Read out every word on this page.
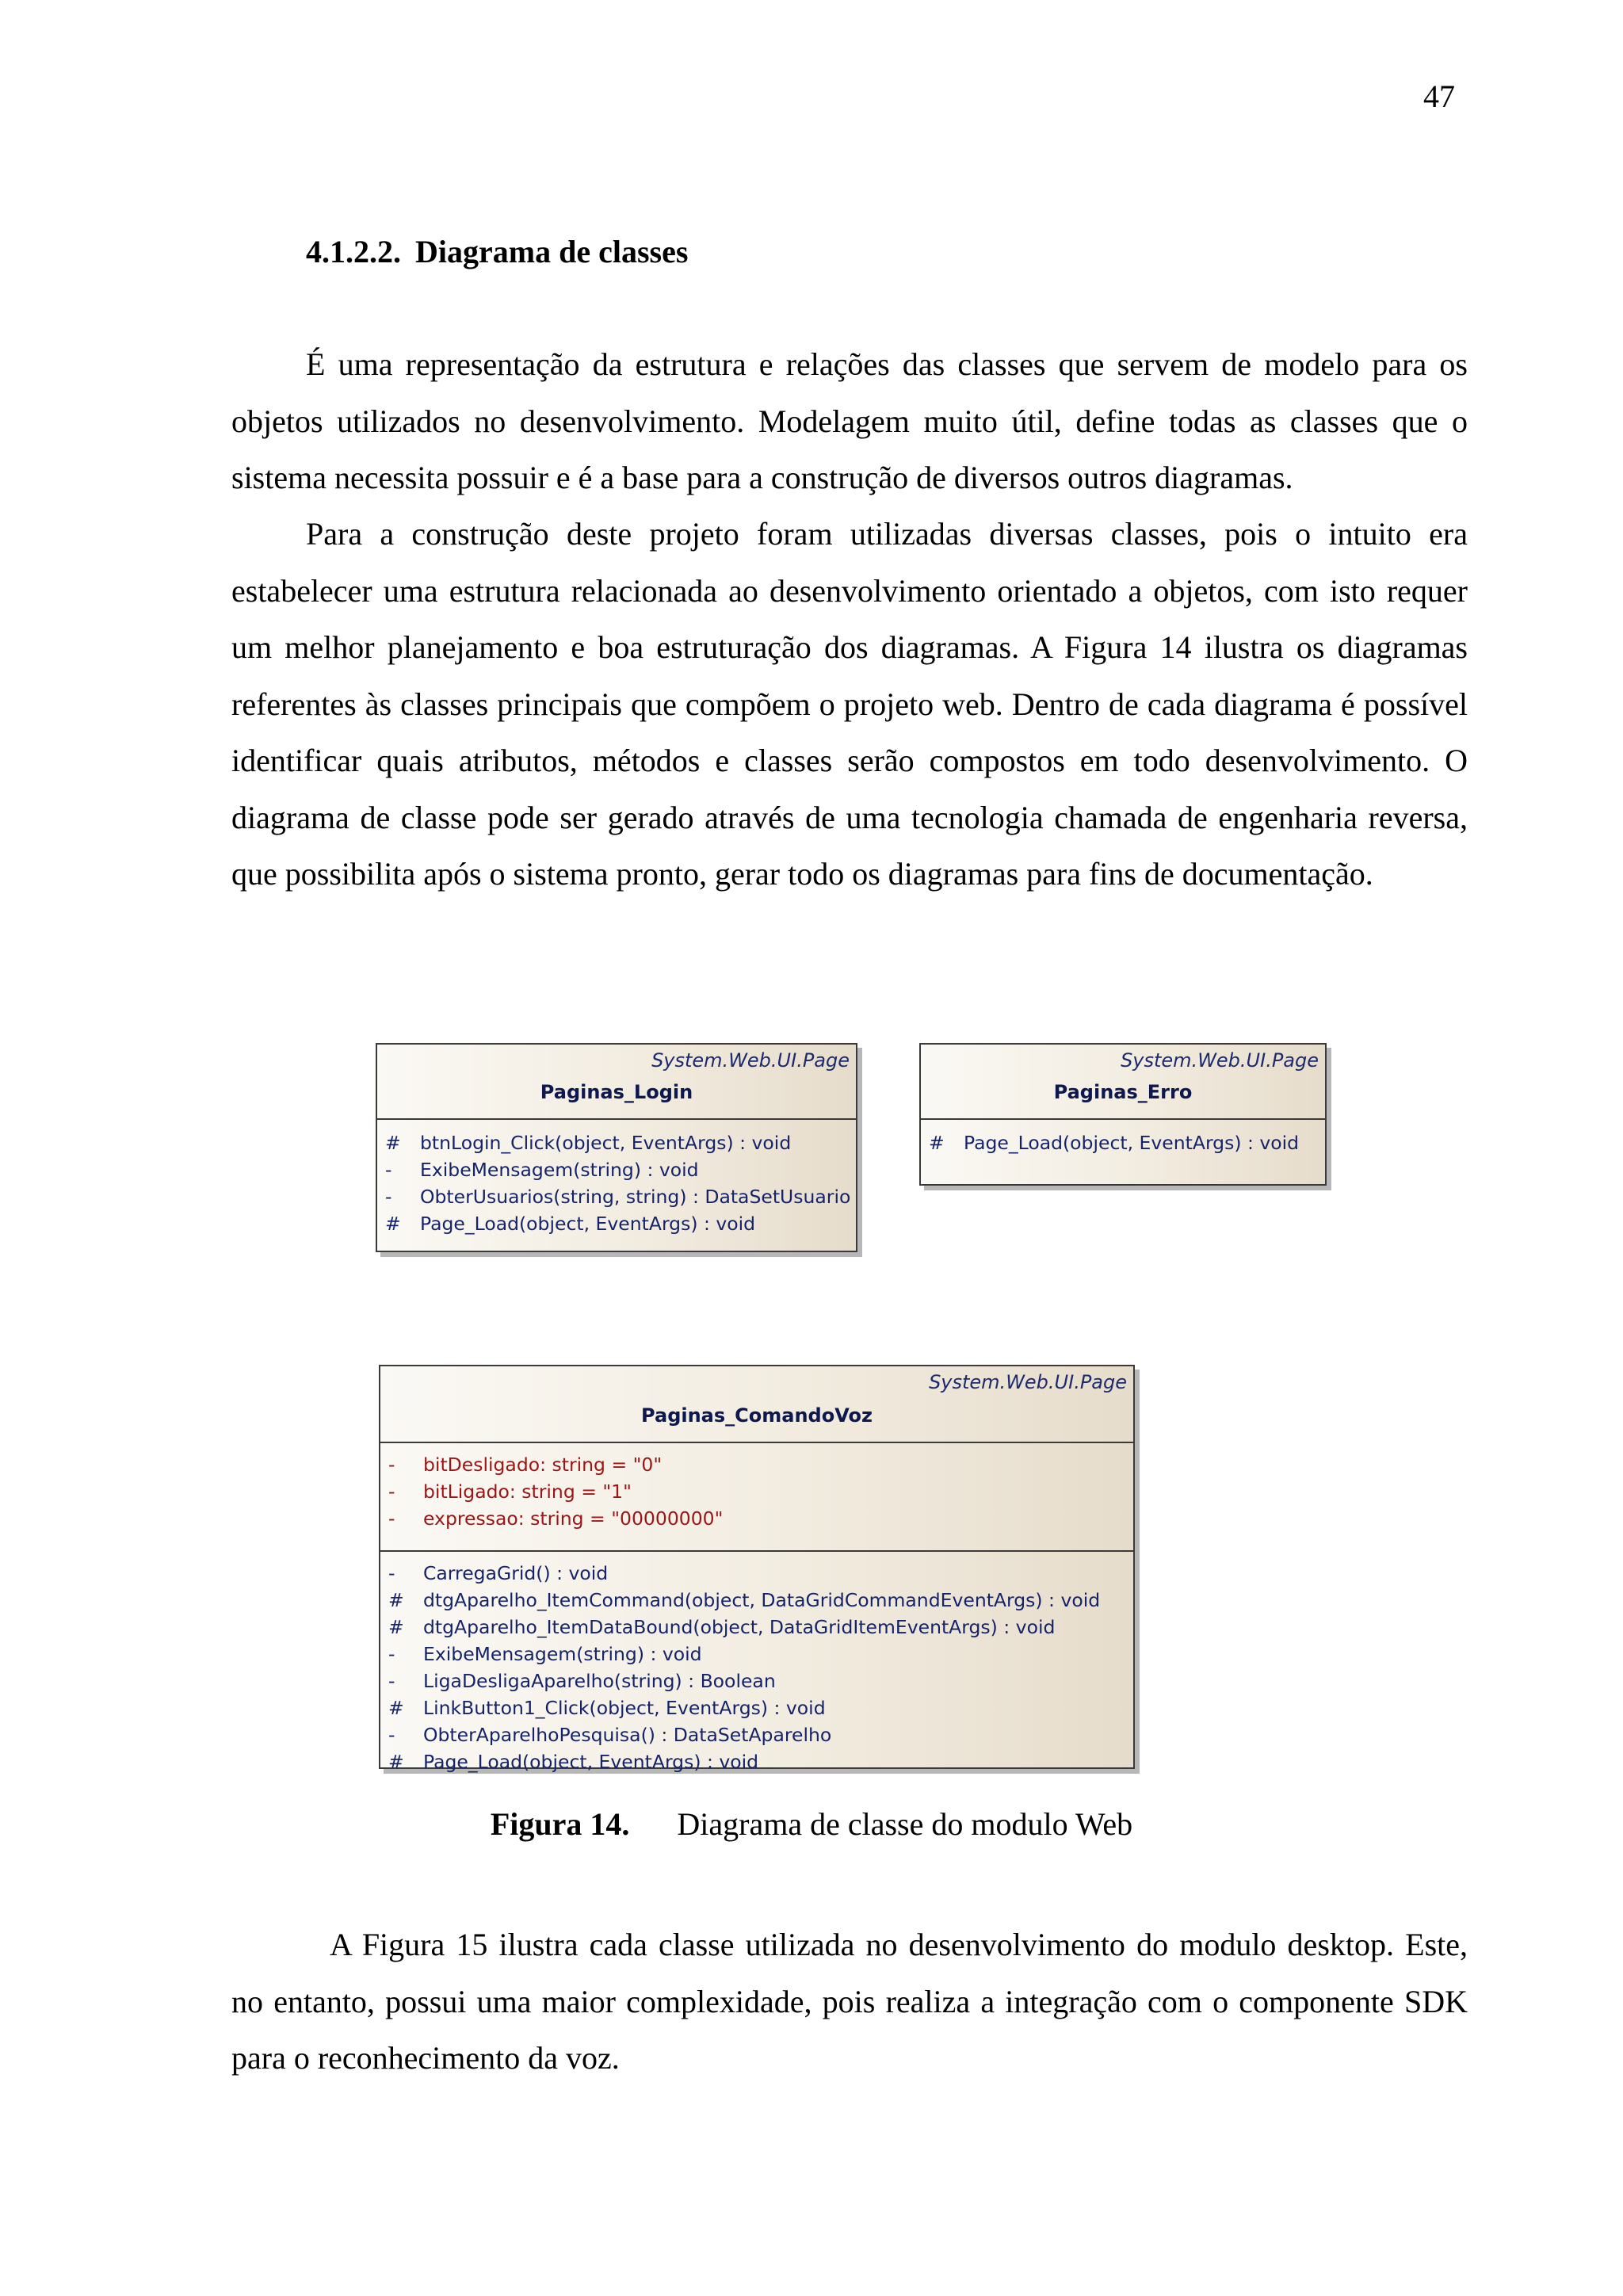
47
4.1.2.2. Diagrama de classes

É uma representação da estrutura e relações das classes que servem de modelo para os objetos utilizados no desenvolvimento. Modelagem muito útil, define todas as classes que o sistema necessita possuir e é a base para a construção de diversos outros diagramas.

Para a construção deste projeto foram utilizadas diversas classes, pois o intuito era estabelecer uma estrutura relacionada ao desenvolvimento orientado a objetos, com isto requer um melhor planejamento e boa estruturação dos diagramas. A Figura 14 ilustra os diagramas referentes às classes principais que compõem o projeto web. Dentro de cada diagrama é possível identificar quais atributos, métodos e classes serão compostos em todo desenvolvimento. O diagrama de classe pode ser gerado através de uma tecnologia chamada de engenharia reversa, que possibilita após o sistema pronto, gerar todo os diagramas para fins de documentação.

System.Web.UI.Page
Paginas_Login
#	btnLogin_Click(object, EventArgs) : void
-	ExibeMensagem(string) : void
-	ObterUsuarios(string, string) : DataSetUsuario
#	Page_Load(object, EventArgs) : void
System.Web.UI.Page
Paginas_Erro
#	Page_Load(object, EventArgs) : void
System.Web.UI.Page
Paginas_ComandoVoz
-	bitDesligado: string = "0"
-	bitLigado: string = "1"
-	expressao: string = "00000000"
-	CarregaGrid() : void
#	dtgAparelho_ItemCommand(object, DataGridCommandEventArgs) : void
#	dtgAparelho_ItemDataBound(object, DataGridItemEventArgs) : void
-	ExibeMensagem(string) : void
-	LigaDesligaAparelho(string) : Boolean
#	LinkButton1_Click(object, EventArgs) : void
-	ObterAparelhoPesquisa() : DataSetAparelho
#	Page_Load(object, EventArgs) : void
Figura 14. Diagrama de classe do modulo Web

A Figura 15 ilustra cada classe utilizada no desenvolvimento do modulo desktop. Este, no entanto, possui uma maior complexidade, pois realiza a integração com o componente SDK para o reconhecimento da voz.
